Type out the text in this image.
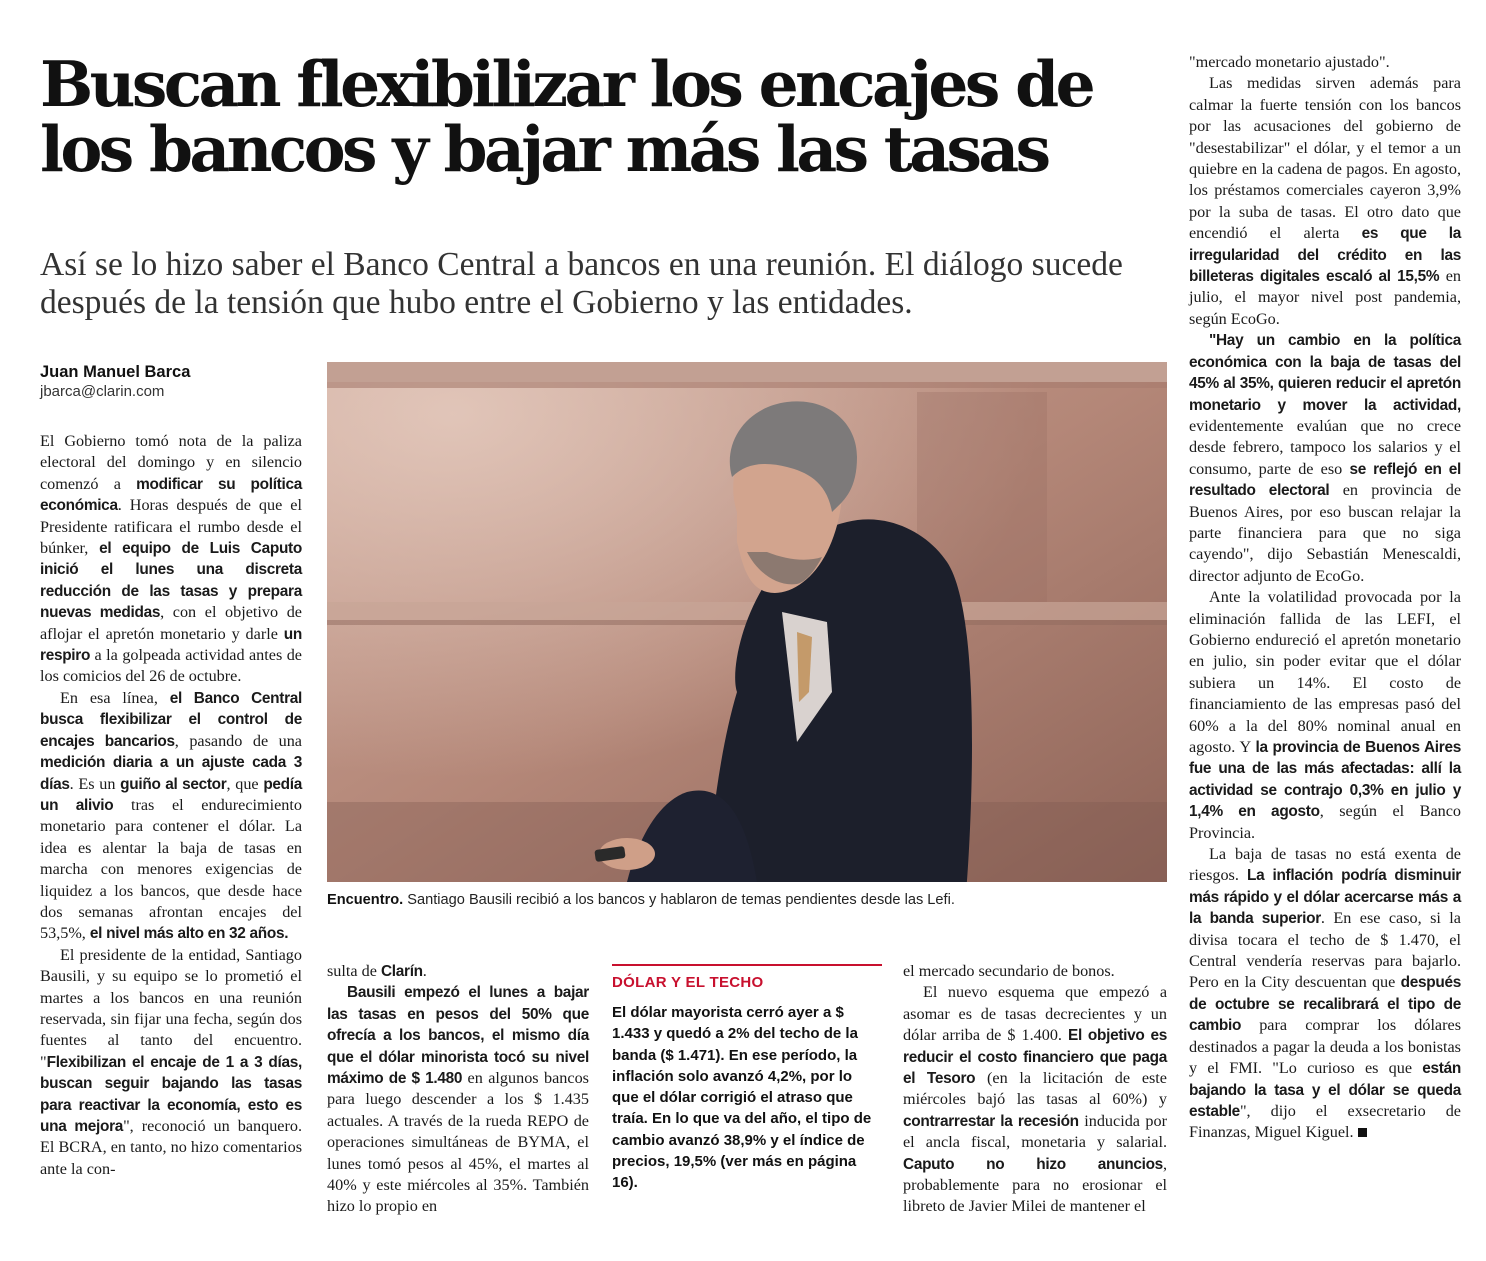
Buscan flexibilizar los encajes de los bancos y bajar más las tasas

Así se lo hizo saber el Banco Central a bancos en una reunión. El diálogo sucede después de la tensión que hubo entre el Gobierno y las entidades.

Juan Manuel Barca
jbarca@clarin.com

El Gobierno tomó nota de la paliza electoral del domingo y en silencio comenzó a modificar su política económica. Horas después de que el Presidente ratificara el rumbo desde el búnker, el equipo de Luis Caputo inició el lunes una discreta reducción de las tasas y prepara nuevas medidas, con el objetivo de aflojar el apretón monetario y darle un respiro a la golpeada actividad antes de los comicios del 26 de octubre.

En esa línea, el Banco Central busca flexibilizar el control de encajes bancarios, pasando de una medición diaria a un ajuste cada 3 días. Es un guiño al sector, que pedía un alivio tras el endurecimiento monetario para contener el dólar. La idea es alentar la baja de tasas en marcha con menores exigencias de liquidez a los bancos, que desde hace dos semanas afrontan encajes del 53,5%, el nivel más alto en 32 años.

El presidente de la entidad, Santiago Bausili, y su equipo se lo prometió el martes a los bancos en una reunión reservada, sin fijar una fecha, según dos fuentes al tanto del encuentro. "Flexibilizan el encaje de 1 a 3 días, buscan seguir bajando las tasas para reactivar la economía, esto es una mejora", reconoció un banquero. El BCRA, en tanto, no hizo comentarios ante la con-

Encuentro. Santiago Bausili recibió a los bancos y hablaron de temas pendientes desde las Lefi.

sulta de Clarín.

Bausili empezó el lunes a bajar las tasas en pesos del 50% que ofrecía a los bancos, el mismo día que el dólar minorista tocó su nivel máximo de $ 1.480 en algunos bancos para luego descender a los $ 1.435 actuales. A través de la rueda REPO de operaciones simultáneas de BYMA, el lunes tomó pesos al 45%, el martes al 40% y este miércoles al 35%. También hizo lo propio en

DÓLAR Y EL TECHO

El dólar mayorista cerró ayer a $ 1.433 y quedó a 2% del techo de la banda ($ 1.471). En ese período, la inflación solo avanzó 4,2%, por lo que el dólar corrigió el atraso que traía. En lo que va del año, el tipo de cambio avanzó 38,9% y el índice de precios, 19,5% (ver más en página 16).

el mercado secundario de bonos.

El nuevo esquema que empezó a asomar es de tasas decrecientes y un dólar arriba de $ 1.400. El objetivo es reducir el costo financiero que paga el Tesoro (en la licitación de este miércoles bajó las tasas al 60%) y contrarrestar la recesión inducida por el ancla fiscal, monetaria y salarial. Caputo no hizo anuncios, probablemente para no erosionar el libreto de Javier Milei de mantener el

"mercado monetario ajustado".

Las medidas sirven además para calmar la fuerte tensión con los bancos por las acusaciones del gobierno de "desestabilizar" el dólar, y el temor a un quiebre en la cadena de pagos. En agosto, los préstamos comerciales cayeron 3,9% por la suba de tasas. El otro dato que encendió el alerta es que la irregularidad del crédito en las billeteras digitales escaló al 15,5% en julio, el mayor nivel post pandemia, según EcoGo.

"Hay un cambio en la política económica con la baja de tasas del 45% al 35%, quieren reducir el apretón monetario y mover la actividad, evidentemente evalúan que no crece desde febrero, tampoco los salarios y el consumo, parte de eso se reflejó en el resultado electoral en provincia de Buenos Aires, por eso buscan relajar la parte financiera para que no siga cayendo", dijo Sebastián Menescaldi, director adjunto de EcoGo.

Ante la volatilidad provocada por la eliminación fallida de las LEFI, el Gobierno endureció el apretón monetario en julio, sin poder evitar que el dólar subiera un 14%. El costo de financiamiento de las empresas pasó del 60% a la del 80% nominal anual en agosto. Y la provincia de Buenos Aires fue una de las más afectadas: allí la actividad se contrajo 0,3% en julio y 1,4% en agosto, según el Banco Provincia.

La baja de tasas no está exenta de riesgos. La inflación podría disminuir más rápido y el dólar acercarse más a la banda superior. En ese caso, si la divisa tocara el techo de $ 1.470, el Central vendería reservas para bajarlo. Pero en la City descuentan que después de octubre se recalibrará el tipo de cambio para comprar los dólares destinados a pagar la deuda a los bonistas y el FMI. "Lo curioso es que están bajando la tasa y el dólar se queda estable", dijo el exsecretario de Finanzas, Miguel Kiguel.
